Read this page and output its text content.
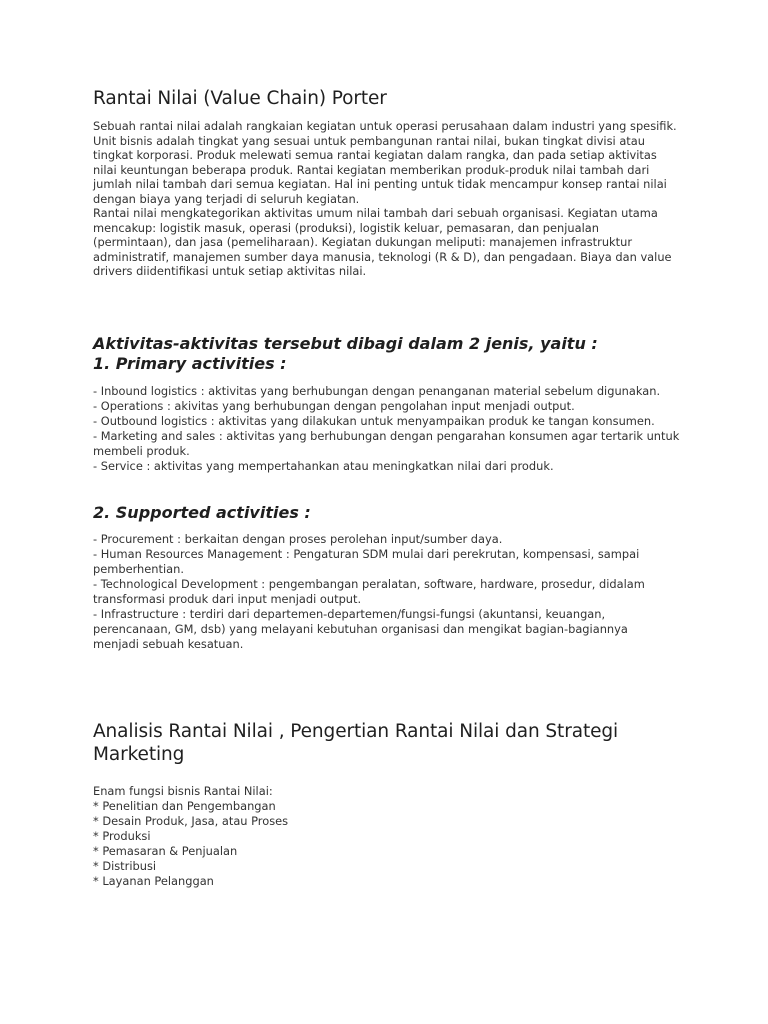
Rantai Nilai (Value Chain) Porter
Sebuah rantai nilai adalah rangkaian kegiatan untuk operasi perusahaan dalam industri yang spesifik.
Unit bisnis adalah tingkat yang sesuai untuk pembangunan rantai nilai, bukan tingkat divisi atau
tingkat korporasi. Produk melewati semua rantai kegiatan dalam rangka, dan pada setiap aktivitas
nilai keuntungan beberapa produk. Rantai kegiatan memberikan produk-produk nilai tambah dari
jumlah nilai tambah dari semua kegiatan. Hal ini penting untuk tidak mencampur konsep rantai nilai
dengan biaya yang terjadi di seluruh kegiatan.
Rantai nilai mengkategorikan aktivitas umum nilai tambah dari sebuah organisasi. Kegiatan utama
mencakup: logistik masuk, operasi (produksi), logistik keluar, pemasaran, dan penjualan
(permintaan), dan jasa (pemeliharaan). Kegiatan dukungan meliputi: manajemen infrastruktur
administratif, manajemen sumber daya manusia, teknologi (R & D), dan pengadaan. Biaya dan value
drivers diidentifikasi untuk setiap aktivitas nilai.
Aktivitas-aktivitas tersebut dibagi dalam 2 jenis, yaitu :
1. Primary activities :
- Inbound logistics : aktivitas yang berhubungan dengan penanganan material sebelum digunakan.
- Operations : akivitas yang berhubungan dengan pengolahan input menjadi output.
- Outbound logistics : aktivitas yang dilakukan untuk menyampaikan produk ke tangan konsumen.
- Marketing and sales : aktivitas yang berhubungan dengan pengarahan konsumen agar tertarik untuk
membeli produk.
- Service : aktivitas yang mempertahankan atau meningkatkan nilai dari produk.
2. Supported activities :
- Procurement : berkaitan dengan proses perolehan input/sumber daya.
- Human Resources Management : Pengaturan SDM mulai dari perekrutan, kompensasi, sampai
pemberhentian.
- Technological Development : pengembangan peralatan, software, hardware, prosedur, didalam
transformasi produk dari input menjadi output.
- Infrastructure : terdiri dari departemen-departemen/fungsi-fungsi (akuntansi, keuangan,
perencanaan, GM, dsb) yang melayani kebutuhan organisasi dan mengikat bagian-bagiannya
menjadi sebuah kesatuan.
Analisis Rantai Nilai , Pengertian Rantai Nilai dan Strategi
Marketing
Enam fungsi bisnis Rantai Nilai:
* Penelitian dan Pengembangan
* Desain Produk, Jasa, atau Proses
* Produksi
* Pemasaran & Penjualan
* Distribusi
* Layanan Pelanggan
